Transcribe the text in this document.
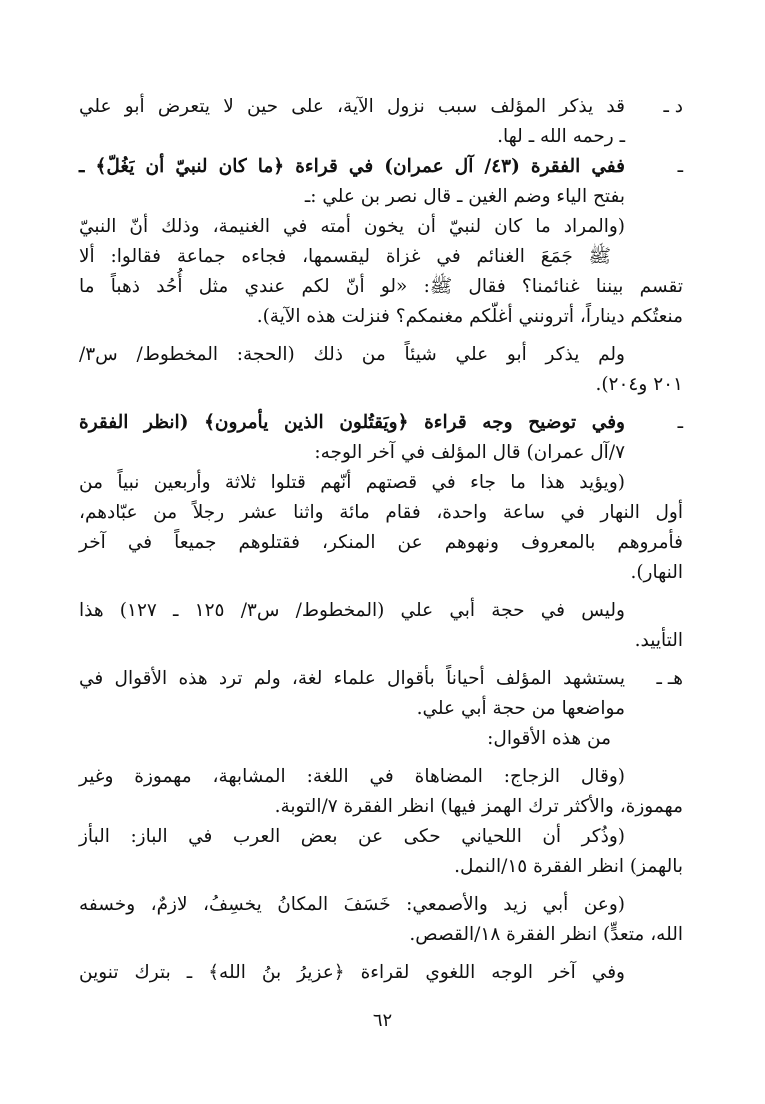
د ـ
قد يذكر المؤلف سبب نزول الآية، على حين لا يتعرض أبو علي
ـ رحمه الله ـ لها.
ـ
ففي الفقرة (٤٣/ آل عمران) في قراءة ﴿ما كان لنبيّ أن يَغُلّ﴾ ـ
بفتح الياء وضم الغين ـ قال نصر بن علي :ـ
(والمراد ما كان لنبيّ أن يخون أمته في الغنيمة، وذلك أنّ النبيّ
ﷺ جَمَعَ الغنائم في غزاة ليقسمها، فجاءه جماعة فقالوا: ألا
تقسم بيننا غنائمنا؟ فقال ﷺ: «لو أنّ لكم عندي مثل أُحُد ذهباً ما
منعتُكم ديناراً، أترونني أغلّكم مغنمكم؟ فنزلت هذه الآية).
ولم يذكر أبو علي شيئاً من ذلك (الحجة: المخطوط/ س٣/
٢٠١ و٢٠٤).
ـ
وفي توضيح وجه قراءة ﴿ويَقتُلون الذين يأمرون﴾ (انظر الفقرة
٧/آل عمران) قال المؤلف في آخر الوجه:
(ويؤيد هذا ما جاء في قصتهم أنّهم قتلوا ثلاثة وأربعين نبياً من
أول النهار في ساعة واحدة، فقام مائة واثنا عشر رجلاً من عبّادهم،
فأمروهم بالمعروف ونهوهم عن المنكر، فقتلوهم جميعاً في آخر
النهار).
وليس في حجة أبي علي (المخطوط/ س٣/ ١٢٥ ـ ١٢٧) هذا
التأييد.
هـ ـ
يستشهد المؤلف أحياناً بأقوال علماء لغة، ولم ترد هذه الأقوال في
مواضعها من حجة أبي علي.
من هذه الأقوال:
(وقال الزجاج: المضاهاة في اللغة: المشابهة، مهموزة وغير
مهموزة، والأكثر ترك الهمز فيها) انظر الفقرة ٧/التوبة.
(وذُكر أن اللحياني حكى عن بعض العرب في الباز: البأز
بالهمز) انظر الفقرة ١٥/النمل.
(وعن أبي زيد والأصمعي: خَسَفَ المكانُ يخسِفُ، لازمٌ، وخسفه
الله، متعدٍّ) انظر الفقرة ١٨/القصص.
وفي آخر الوجه اللغوي لقراءة ﴿عزيرُ بنُ الله﴾ ـ بترك تنوين
٦٢
